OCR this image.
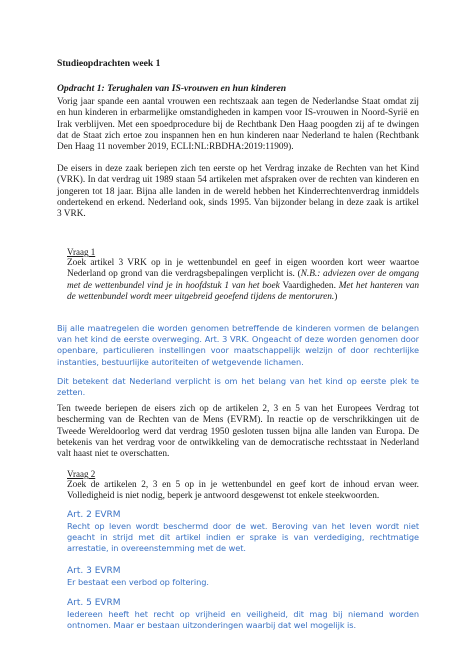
Studieopdrachten week 1
Opdracht 1: Terughalen van IS-vrouwen en hun kinderen

Vorig jaar spande een aantal vrouwen een rechtszaak aan tegen de Nederlandse Staat omdat zij en hun kinderen in erbarmelijke omstandigheden in kampen voor IS-vrouwen in Noord-Syrië en Irak verblijven. Met een spoedprocedure bij de Rechtbank Den Haag poogden zij af te dwingen dat de Staat zich ertoe zou inspannen hen en hun kinderen naar Nederland te halen (Rechtbank Den Haag 11 november 2019, ECLI:NL:RBDHA:2019:11909).

De eisers in deze zaak beriepen zich ten eerste op het Verdrag inzake de Rechten van het Kind (VRK). In dat verdrag uit 1989 staan 54 artikelen met afspraken over de rechten van kinderen en jongeren tot 18 jaar. Bijna alle landen in de wereld hebben het Kinderrechtenverdrag inmiddels ondertekend en erkend. Nederland ook, sinds 1995. Van bijzonder belang in deze zaak is artikel 3 VRK.

Vraag 1

Zoek artikel 3 VRK op in je wettenbundel en geef in eigen woorden kort weer waartoe Nederland op grond van die verdragsbepalingen verplicht is. (N.B.: adviezen over de omgang met de wettenbundel vind je in hoofdstuk 1 van het boek Vaardigheden. Met het hanteren van de wettenbundel wordt meer uitgebreid geoefend tijdens de mentoruren.)

Bij alle maatregelen die worden genomen betreffende de kinderen vormen de belangen van het kind de eerste overweging. Art. 3 VRK. Ongeacht of deze worden genomen door openbare, particulieren instellingen voor maatschappelijk welzijn of door rechterlijke instanties, bestuurlijke autoriteiten of wetgevende lichamen.

Dit betekent dat Nederland verplicht is om het belang van het kind op eerste plek te zetten.

Ten tweede beriepen de eisers zich op de artikelen 2, 3 en 5 van het Europees Verdrag tot bescherming van de Rechten van de Mens (EVRM). In reactie op de verschrikkingen uit de Tweede Wereldoorlog werd dat verdrag 1950 gesloten tussen bijna alle landen van Europa. De betekenis van het verdrag voor de ontwikkeling van de democratische rechtsstaat in Nederland valt haast niet te overschatten.

Vraag 2

Zoek de artikelen 2, 3 en 5 op in je wettenbundel en geef kort de inhoud ervan weer. Volledigheid is niet nodig, beperk je antwoord desgewenst tot enkele steekwoorden.

Art. 2 EVRM

Recht op leven wordt beschermd door de wet. Beroving van het leven wordt niet geacht in strijd met dit artikel indien er sprake is van verdediging, rechtmatige arrestatie, in overeenstemming met de wet.

Art. 3 EVRM

Er bestaat een verbod op foltering.

Art. 5 EVRM

Iedereen heeft het recht op vrijheid en veiligheid, dit mag bij niemand worden ontnomen. Maar er bestaan uitzonderingen waarbij dat wel mogelijk is.
